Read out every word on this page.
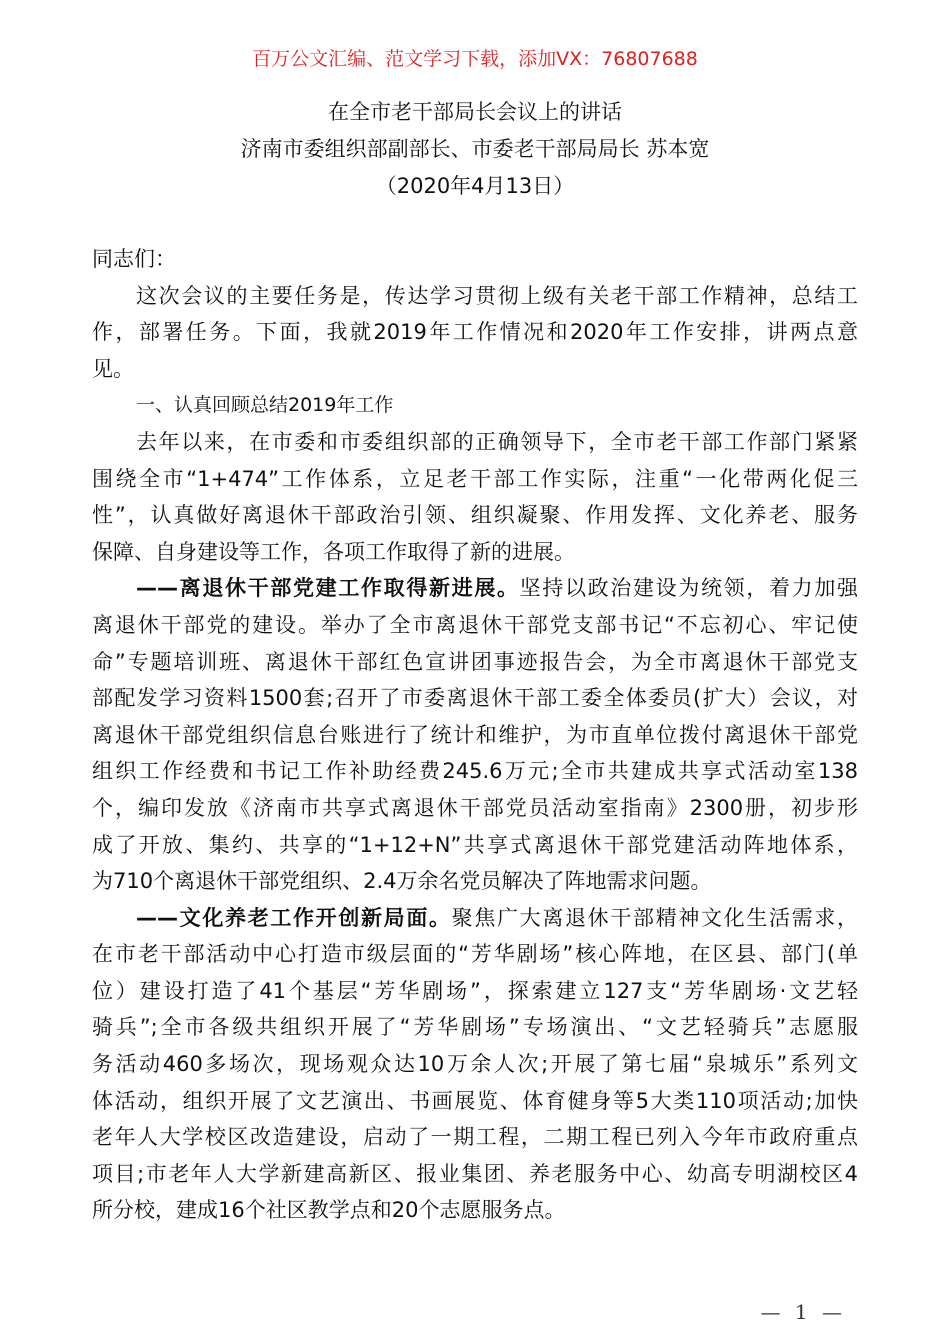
百万公文汇编、范文学习下载，添加VX：76807688
在全市老干部局长会议上的讲话
济南市委组织部副部长、市委老干部局局长 苏本宽
（2020年4月13日）
同志们：
这次会议的主要任务是，传达学习贯彻上级有关老干部工作精神，总结工
作，部署任务。下面，我就2019年工作情况和2020年工作安排，讲两点意
见。
一、认真回顾总结2019年工作
去年以来，在市委和市委组织部的正确领导下，全市老干部工作部门紧紧
围绕全市“1+474”工作体系，立足老干部工作实际，注重“一化带两化促三
性”，认真做好离退休干部政治引领、组织凝聚、作用发挥、文化养老、服务
保障、自身建设等工作，各项工作取得了新的进展。
——离退休干部党建工作取得新进展。坚持以政治建设为统领，着力加强
离退休干部党的建设。举办了全市离退休干部党支部书记“不忘初心、牢记使
命”专题培训班、离退休干部红色宣讲团事迹报告会，为全市离退休干部党支
部配发学习资料1500套;召开了市委离退休干部工委全体委员(扩大）会议，对
离退休干部党组织信息台账进行了统计和维护，为市直单位拨付离退休干部党
组织工作经费和书记工作补助经费245.6万元;全市共建成共享式活动室138
个，编印发放《济南市共享式离退休干部党员活动室指南》2300册，初步形
成了开放、集约、共享的“1+12+N”共享式离退休干部党建活动阵地体系，
为710个离退休干部党组织、2.4万余名党员解决了阵地需求问题。
——文化养老工作开创新局面。聚焦广大离退休干部精神文化生活需求，
在市老干部活动中心打造市级层面的“芳华剧场”核心阵地，在区县、部门(单
位）建设打造了41个基层“芳华剧场”，探索建立127支“芳华剧场·文艺轻
骑兵”;全市各级共组织开展了“芳华剧场”专场演出、“文艺轻骑兵”志愿服
务活动460多场次，现场观众达10万余人次;开展了第七届“泉城乐”系列文
体活动，组织开展了文艺演出、书画展览、体育健身等5大类110项活动;加快
老年人大学校区改造建设，启动了一期工程，二期工程已列入今年市政府重点
项目;市老年人大学新建高新区、报业集团、养老服务中心、幼高专明湖校区4
所分校，建成16个社区教学点和20个志愿服务点。
— 1 —
